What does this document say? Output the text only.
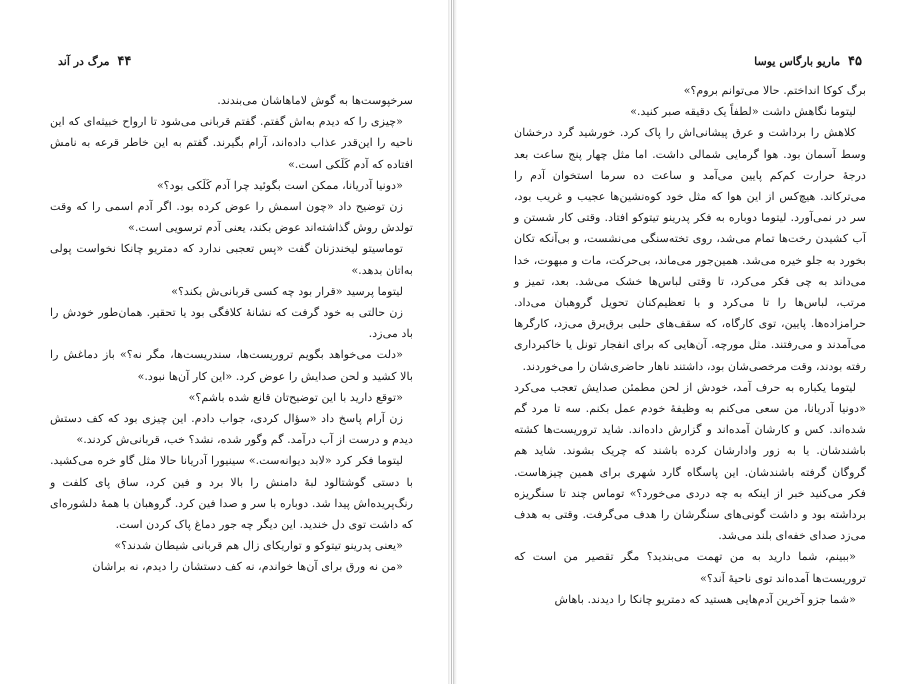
۴۴ مرگ در آند

سرخپوست‌ها به گوش لاماهاشان می‌بندند.

«چیزی را که دیدم به‌اش گفتم. گفتم قربانی می‌شود تا ارواح خبیثه‌ای که این ناحیه را این‌قدر عذاب داده‌اند، آرام بگیرند. گفتم به این خاطر قرعه به نامش افتاده که آدم کَلَکی است.»

«دونیا آدریانا، ممکن است بگوئید چرا آدم کَلَکی بود؟»

زن توضیح داد «چون اسمش را عوض کرده بود. اگر آدم اسمی را که وقت تولدش روش گذاشته‌اند عوض بکند، یعنی آدم ترسویی است.»

توماسیتو لیخندزنان گفت «پس تعجبی ندارد که دمتریو چانکا نخواست پولی به‌اتان بدهد.»

لیتوما پرسید «قرار بود چه کسی قربانی‌ش بکند؟»

زن حالتی به خود گرفت که نشانهٔ کلافگی بود یا تحقیر. همان‌طور خودش را باد می‌زد.

«دلت می‌خواهد بگویم تروریست‌ها، سندریست‌ها، مگر نه؟» باز دماغش را بالا کشید و لحن صدایش را عوض کرد. «این کار آن‌ها نبود.»

«توقع دارید با این توضیح‌تان قانع شده باشم؟»

زن آرام پاسخ داد «سؤال کردی، جواب دادم. این چیزی بود که کف دستش دیدم و درست از آب درآمد. گم وگور شده، نشد؟ خب، قربانی‌ش کردند.»

لیتوما فکر کرد «لابد دیوانه‌ست.» سینیورا آدریانا حالا مثل گاو خره می‌کشید. با دستی گوشتالود لبهٔ دامنش را بالا برد و فین کرد، ساق پای کلفت و رنگ‌پریده‌اش پیدا شد. دوباره با سر و صدا فین کرد. گروهبان با همهٔ دلشوره‌ای که داشت توی دل خندید. این دیگر چه جور دماغ پاک کردن است.

«یعنی پدرینو تیتوکو و تواریکای زال هم قربانی شیطان شدند؟»

«من نه ورق برای آن‌ها خواندم، نه کف دستشان را دیدم، نه براشان

۴۵ ماریو بارگاس یوسا

برگ کوکا انداختم. حالا می‌توانم بروم؟»

لیتوما نگاهش داشت «لطفاً یک دقیقه صبر کنید.»

کلاهش را برداشت و عرق پیشانی‌اش را پاک کرد. خورشید گرد درخشان وسط آسمان بود. هوا گرمایی شمالی داشت. اما مثل چهار پنج ساعت بعد درجهٔ حرارت کم‌کم پایین می‌آمد و ساعت ده سرما استخوان آدم را می‌ترکاند. هیچ‌کس از این هوا که مثل خود کوه‌نشین‌ها عجیب و غریب بود، سر در نمی‌آورد. لیتوما دوباره به فکر پدرینو تیتوکو افتاد. وقتی کار شستن و آب کشیدن رخت‌ها تمام می‌شد، روی تخته‌سنگی می‌نشست، و بی‌آنکه تکان بخورد به جلو خیره می‌شد. همین‌جور می‌ماند، بی‌حرکت، مات و مبهوت، خدا می‌داند به چی فکر می‌کرد، تا وقتی لباس‌ها خشک می‌شد. بعد، تمیز و مرتب، لباس‌ها را تا می‌کرد و با تعظیم‌کنان تحویل گروهبان می‌داد. حرامزاده‌ها. پایین، توی کارگاه، که سقف‌های حلبی برق‌برق می‌زد، کارگرها می‌آمدند و می‌رفتند. مثل مورچه. آن‌هایی که برای انفجار تونل یا خاکبرداری رفته بودند، وقت مرخصی‌شان بود، داشتند ناهار حاضری‌شان را می‌خوردند.

لیتوما یکباره به حرف آمد، خودش از لحن مطمئن صدایش تعجب می‌کرد «دونیا آدریانا، من سعی می‌کنم به وظیفهٔ خودم عمل بکنم. سه تا مرد گم شده‌اند. کس و کارشان آمده‌اند و گزارش داده‌اند. شاید تروریست‌ها کشته باشندشان. یا به زور وادارشان کرده باشند که چریک بشوند. شاید هم گروگان گرفته باشندشان. این پاسگاه گارد شهری برای همین چیزهاست. فکر می‌کنید خبر از اینکه به چه دردی می‌خورد؟» توماس چند تا سنگریزه برداشته بود و داشت گونی‌های سنگرشان را هدف می‌گرفت. وقتی به هدف می‌زد صدای خفه‌ای بلند می‌شد.

«ببینم، شما دارید به من تهمت می‌بندید؟ مگر تقصیر من است که تروریست‌ها آمده‌اند توی ناحیهٔ آند؟»

«شما جزو آخرین آدم‌هایی هستید که دمتریو چانکا را دیدند. باهاش
